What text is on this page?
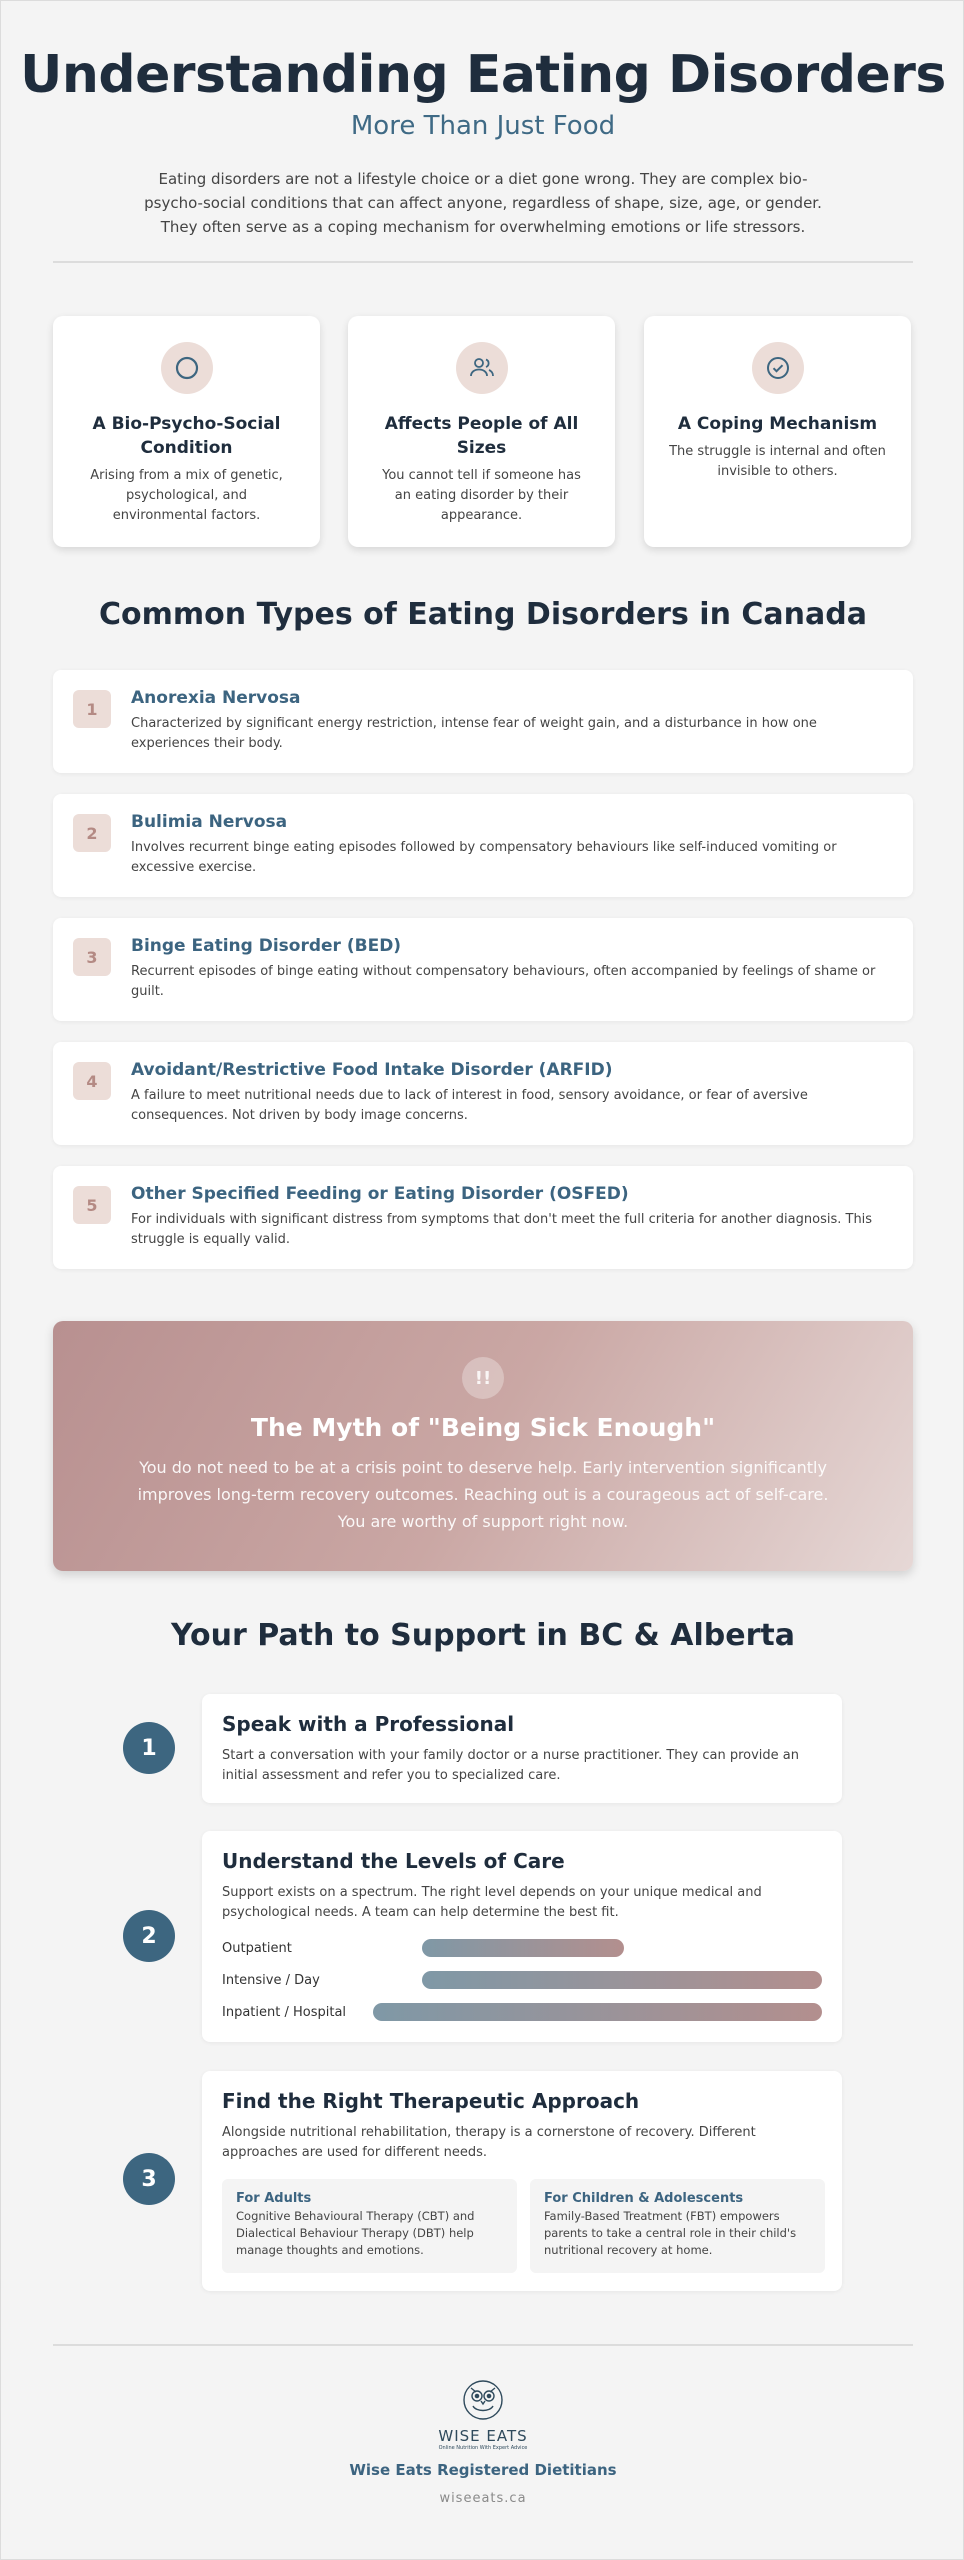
Understanding Eating Disorders
More Than Just Food
Eating disorders are not a lifestyle choice or a diet gone wrong. They are complex bio-psycho-social conditions that can affect anyone, regardless of shape, size, age, or gender. They often serve as a coping mechanism for overwhelming emotions or life stressors.
A Bio-Psycho-Social Condition

Arising from a mix of genetic, psychological, and environmental factors.

Affects People of All Sizes

You cannot tell if someone has an eating disorder by their appearance.

A Coping Mechanism

The struggle is internal and often invisible to others.

Common Types of Eating Disorders in Canada
1
Anorexia Nervosa
Characterized by significant energy restriction, intense fear of weight gain, and a disturbance in how one experiences their body.
2
Bulimia Nervosa
Involves recurrent binge eating episodes followed by compensatory behaviours like self-induced vomiting or excessive exercise.
3
Binge Eating Disorder (BED)
Recurrent episodes of binge eating without compensatory behaviours, often accompanied by feelings of shame or guilt.
4
Avoidant/Restrictive Food Intake Disorder (ARFID)
A failure to meet nutritional needs due to lack of interest in food, sensory avoidance, or fear of aversive consequences. Not driven by body image concerns.
5
Other Specified Feeding or Eating Disorder (OSFED)
For individuals with significant distress from symptoms that don't meet the full criteria for another diagnosis. This struggle is equally valid.
!!
The Myth of "Being Sick Enough"

You do not need to be at a crisis point to deserve help. Early intervention significantly improves long-term recovery outcomes. Reaching out is a courageous act of self-care. You are worthy of support right now.

Your Path to Support in BC & Alberta
1
Speak with a Professional

Start a conversation with your family doctor or a nurse practitioner. They can provide an initial assessment and refer you to specialized care.

2
Understand the Levels of Care

Support exists on a spectrum. The right level depends on your unique medical and psychological needs. A team can help determine the best fit.

Outpatient
Intensive / Day
Inpatient / Hospital
3
Find the Right Therapeutic Approach

Alongside nutritional rehabilitation, therapy is a cornerstone of recovery. Different approaches are used for different needs.

For Adults

Cognitive Behavioural Therapy (CBT) and Dialectical Behaviour Therapy (DBT) help manage thoughts and emotions.

For Children & Adolescents

Family-Based Treatment (FBT) empowers parents to take a central role in their child's nutritional recovery at home.

WISE EATS
Online Nutrition With Expert Advice
Wise Eats Registered Dietitians
wiseeats.ca
